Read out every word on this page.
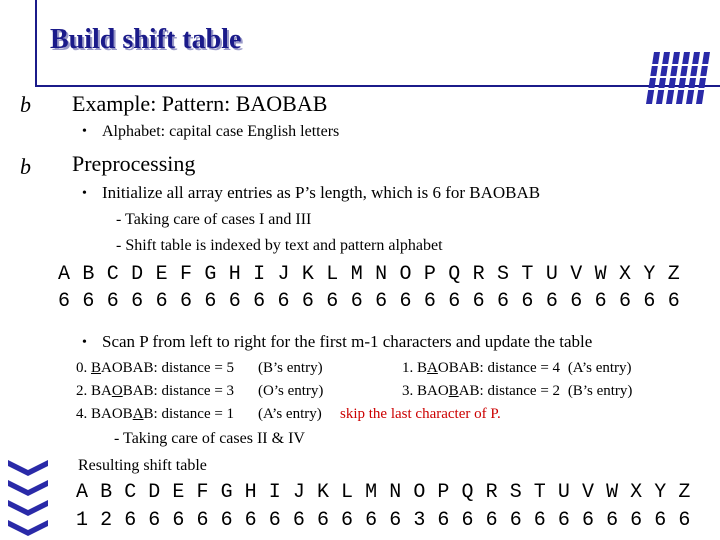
Build shift table
b Example: Pattern: BAOBAB
• Alphabet: capital case English letters
b Preprocessing
• Initialize all array entries as P’s length, which is 6 for BAOBAB
- Taking care of cases I and III
- Shift table is indexed by text and pattern alphabet
A B C D E F G H I J K L M N O P Q R S T U V W X Y Z
6 6 6 6 6 6 6 6 6 6 6 6 6 6 6 6 6 6 6 6 6 6 6 6 6 6
• Scan P from left to right for the first m-1 characters and update the table
0. BAOBAB: distance = 5 (B’s entry)	1. BAOBAB: distance = 4 (A’s entry)
2. BAOBAB: distance = 3 (O’s entry)	3. BAOBAB: distance = 2 (B’s entry)
4. BAOBAB: distance = 1 (A’s entry) skip the last character of P.
- Taking care of cases II & IV
Resulting shift table
A B C D E F G H I J K L M N O P Q R S T U V W X Y Z
1 2 6 6 6 6 6 6 6 6 6 6 6 6 3 6 6 6 6 6 6 6 6 6 6 6
